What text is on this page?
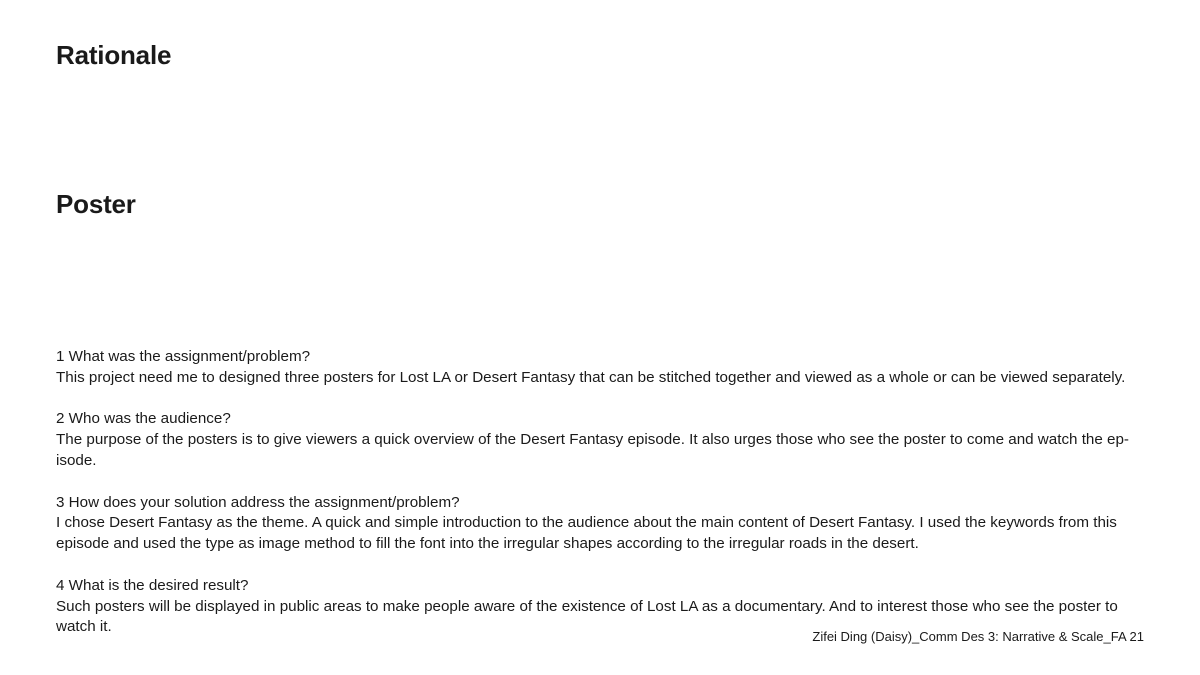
Rationale
Poster
1 What was the assignment/problem?
This project need me to designed three posters for Lost LA or Desert Fantasy that can be stitched together and viewed as a whole or can be viewed separately.
2 Who was the audience?
The purpose of the posters is to give viewers a quick overview of the Desert Fantasy episode. It also urges those who see the poster to come and watch the ep-isode.
3 How does your solution address the assignment/problem?
I chose Desert Fantasy as the theme. A quick and simple introduction to the audience about the main content of Desert Fantasy. I used the keywords from this episode and used the type as image method to fill the font into the irregular shapes according to the irregular roads in the desert.
4 What is the desired result?
Such posters will be displayed in public areas to make people aware of the existence of Lost LA as a documentary. And to interest those who see the poster to watch it.
Zifei Ding (Daisy)_Comm Des 3: Narrative & Scale_FA 21
